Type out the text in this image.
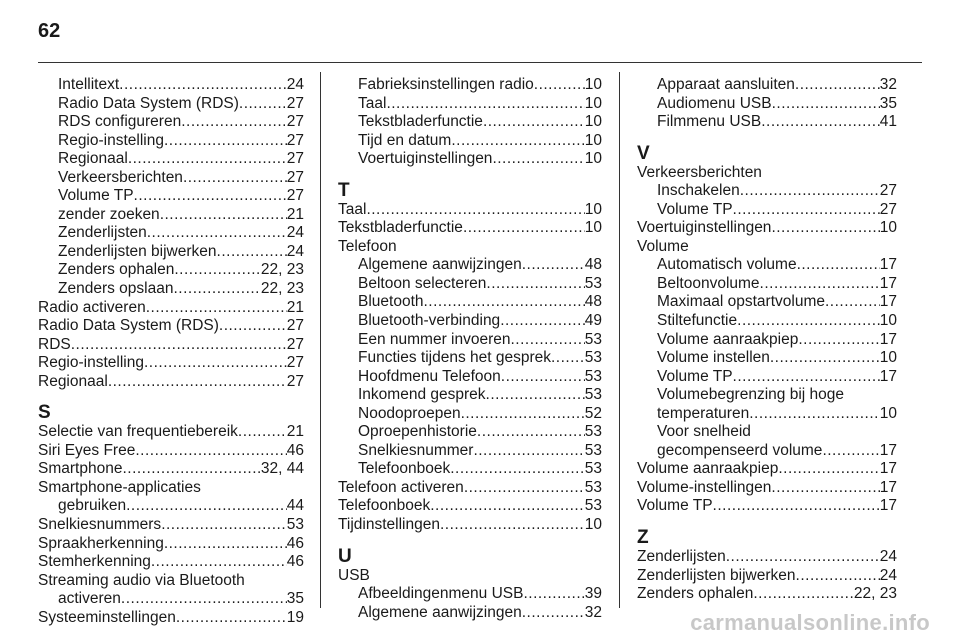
62
Intellitext .....	24
Radio Data System (RDS) .....	27
RDS configureren .....	27
Regio-instelling .....	27
Regionaal .....	27
Verkeersberichten .....	27
Volume TP .....	27
zender zoeken .....	21
Zenderlijsten .....	24
Zenderlijsten bijwerken .....	24
Zenders ophalen .....	22, 23
Zenders opslaan .....	22, 23
Radio activeren .....	21
Radio Data System (RDS) .....	27
RDS .....	27
Regio-instelling .....	27
Regionaal .....	27
S
Selectie van frequentiebereik .....	21
Siri Eyes Free .....	46
Smartphone .....	32, 44
Smartphone-applicaties
gebruiken .....	44
Snelkiesnummers .....	53
Spraakherkenning .....	46
Stemherkenning .....	46
Streaming audio via Bluetooth
activeren .....	35
Systeeminstellingen .....	19
Fabrieksinstellingen radio .....	10
Taal .....	10
Tekstbladerfunctie .....	10
Tijd en datum .....	10
Voertuiginstellingen .....	10
T
Taal .....	10
Tekstbladerfunctie .....	10
Telefoon
Algemene aanwijzingen .....	48
Beltoon selecteren .....	53
Bluetooth .....	48
Bluetooth-verbinding .....	49
Een nummer invoeren .....	53
Functies tijdens het gesprek ..... 53
Hoofdmenu Telefoon .....	53
Inkomend gesprek .....	53
Noodoproepen .....	52
Oproepenhistorie .....	53
Snelkiesnummer .....	53
Telefoonboek .....	53
Telefoon activeren .....	53
Telefoonboek .....	53
Tijdinstellingen .....	10
U
USB
Afbeeldingenmenu USB .....	39
Algemene aanwijzingen .....	32
Apparaat aansluiten .....	32
Audiomenu USB .....	35
Filmmenu USB .....	41
V
Verkeersberichten
Inschakelen .....	27
Volume TP .....	27
Voertuiginstellingen .....	10
Volume
Automatisch volume .....	17
Beltoonvolume .....	17
Maximaal opstartvolume .....	17
Stiltefunctie .....	10
Volume aanraakpiep .....	17
Volume instellen .....	10
Volume TP .....	17
Volumebegrenzing bij hoge
temperaturen .....	10
Voor snelheid
gecompenseerd volume .....	17
Volume aanraakpiep .....	17
Volume-instellingen .....	17
Volume TP .....	17
Z
Zenderlijsten .....	24
Zenderlijsten bijwerken .....	24
Zenders ophalen .....	22, 23
carmanualsonline.info
